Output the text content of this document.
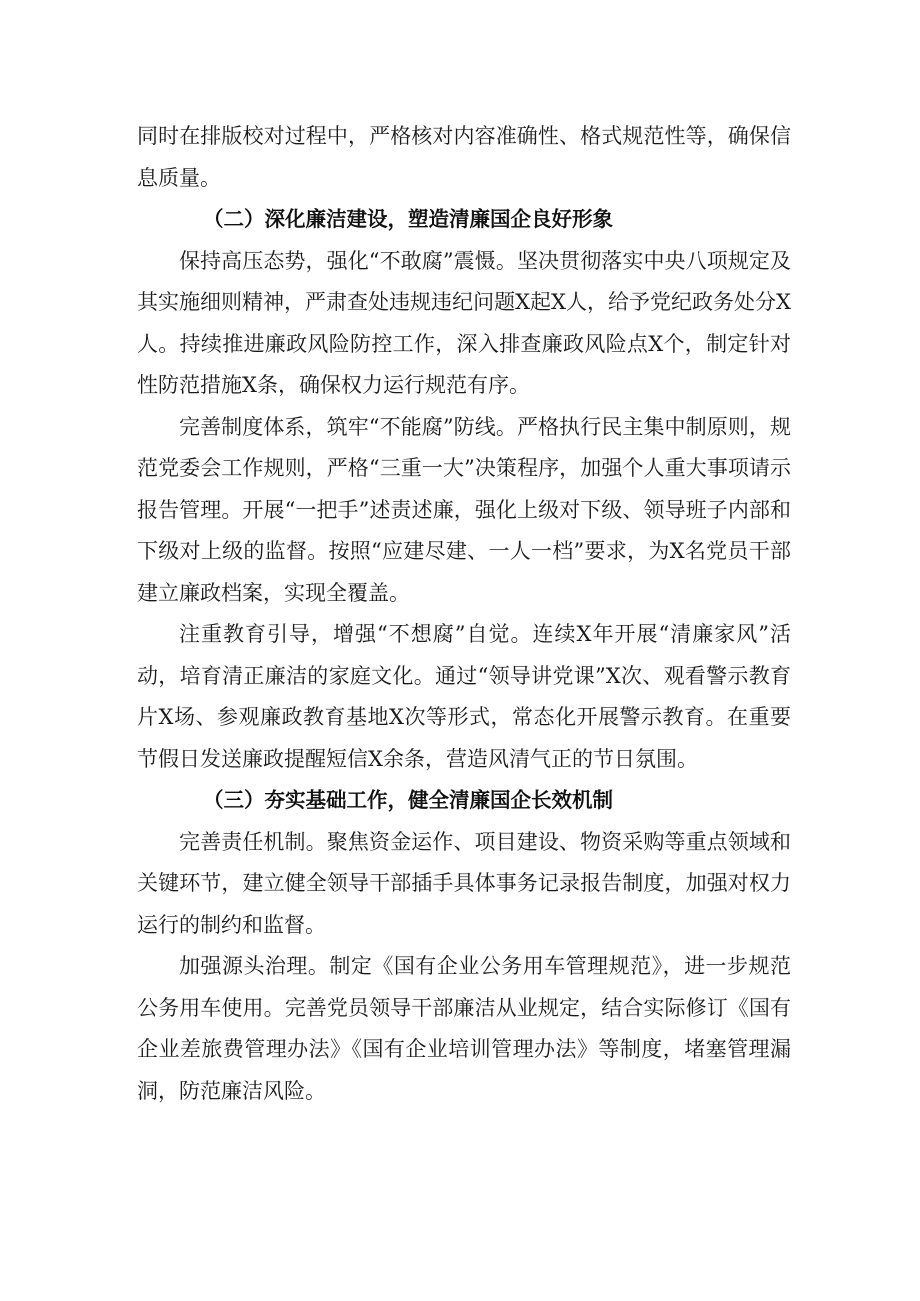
同时在排版校对过程中，严格核对内容准确性、格式规范性等，确保信息质量。

（二）深化廉洁建设，塑造清廉国企良好形象

保持高压态势，强化“不敢腐”震慑。坚决贯彻落实中央八项规定及其实施细则精神，严肃查处违规违纪问题X起X人，给予党纪政务处分X人。持续推进廉政风险防控工作，深入排查廉政风险点X个，制定针对性防范措施X条，确保权力运行规范有序。

完善制度体系，筑牢“不能腐”防线。严格执行民主集中制原则，规范党委会工作规则，严格“三重一大”决策程序，加强个人重大事项请示报告管理。开展“一把手”述责述廉，强化上级对下级、领导班子内部和下级对上级的监督。按照“应建尽建、一人一档”要求，为X名党员干部建立廉政档案，实现全覆盖。

注重教育引导，增强“不想腐”自觉。连续X年开展“清廉家风”活动，培育清正廉洁的家庭文化。通过“领导讲党课”X次、观看警示教育片X场、参观廉政教育基地X次等形式，常态化开展警示教育。在重要节假日发送廉政提醒短信X余条，营造风清气正的节日氛围。

（三）夯实基础工作，健全清廉国企长效机制

完善责任机制。聚焦资金运作、项目建设、物资采购等重点领域和关键环节，建立健全领导干部插手具体事务记录报告制度，加强对权力运行的制约和监督。

加强源头治理。制定《国有企业公务用车管理规范》，进一步规范公务用车使用。完善党员领导干部廉洁从业规定，结合实际修订《国有企业差旅费管理办法》《国有企业培训管理办法》等制度，堵塞管理漏洞，防范廉洁风险。
